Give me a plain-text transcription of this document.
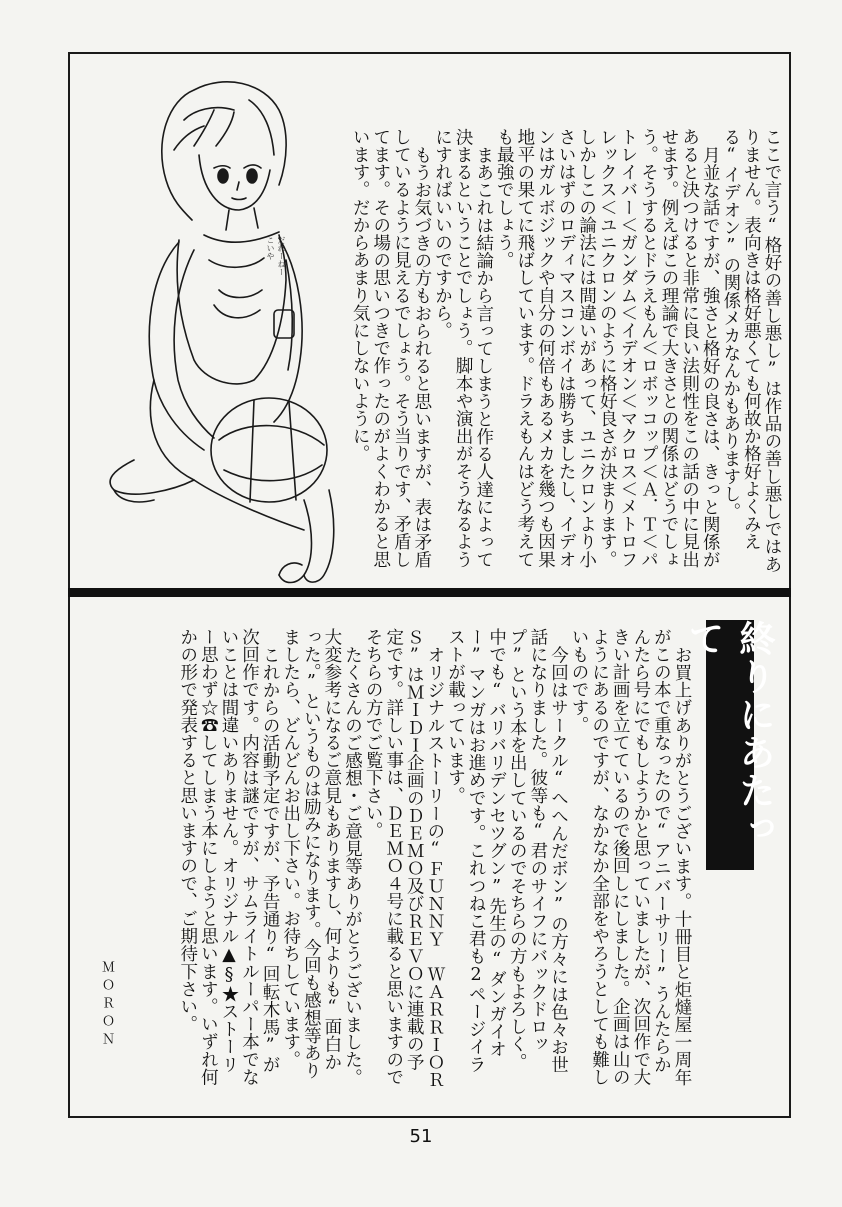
だれーねー こいや	ここで言う“格好の善し悪し”は作品の善し悪しではありません。表向きは格好悪くても何故か格好よくみえる“イデオン”の関係メカなんかもありますし。

月並な話ですが、強さと格好の良さは、きっと関係があると決つけると非常に良い法則性をこの話の中に見出せます。例えばこの理論で大きさとの関係はどうでしょう。そうするとドラえもん＜ロボッコップ＜Ａ．Ｔ＜パトレイバー＜ガンダム＜イデオン＜マクロス＜メトロフレックス＜ユニクロンのように格好良さが決まります。しかしこの論法には間違いがあって、ユニクロンより小さいはずのロディマスコンボイは勝ちましたし、イデオンはガルボジックや自分の何倍もあるメカを幾つも因果地平の果てに飛ばしています。ドラえもんはどう考えても最強でしょう。

まあこれは結論から言ってしまうと作る人達によって決まるということでしょう。脚本や演出がそうなるようにすればいいのですから。

もうお気づきの方もおられると思いますが、表は矛盾しているように見えるでしょう。そう当りです、矛盾してます。その場の思いつきで作ったのがよくわかると思います。だからあまり気にしないように。

終りにあたって

お買上げありがとうございます。十冊目と炬燵屋一周年がこの本で重なったので“アニバーサリー”うんたらかんたら号にでもしようかと思っていましたが、次回作で大きい計画を立てているので後回しにしました。企画は山のようにあるのですが、なかなか全部をやろうとしても難しいものです。

今回はサークル“へへんだボン”の方々には色々お世話になりました。彼等も“君のサイフにバックドロップ”という本を出しているのでそちらの方もよろしく。中でも“バリバリデンセツグン”先生の“ダンガイオー”マンガはお進めです。これつねこ君も2ページイラストが載っています。

オリジナルストーリーの“ＦＵＮＮＹ　ＷＡＲＲＩＯＲＳ”はＭＩＤＩ企画のＤＥＭＯ及びＲＥＶＯに連載の予定です。詳しい事は、ＤＥＭＯ４号に載ると思いますのでそちらの方でご覧下さい。

たくさんのご感想・ご意見等ありがとうございました。大変参考になるご意見もありますし、何よりも“面白かった。”というものは励みになります。今回も感想等ありましたら、どんどんお出し下さい。お待ちしています。

これからの活動予定ですが、予告通り“回転木馬”が次回作です。内容は謎ですが、サムライトルーパー本でないことは間違いありません。オリジナル▲§★ストーリー思わず☆☎してしまう本にしようと思います。いずれ何かの形で発表すると思いますので、ご期待下さい。

ＭＯＲＯＮ
51
